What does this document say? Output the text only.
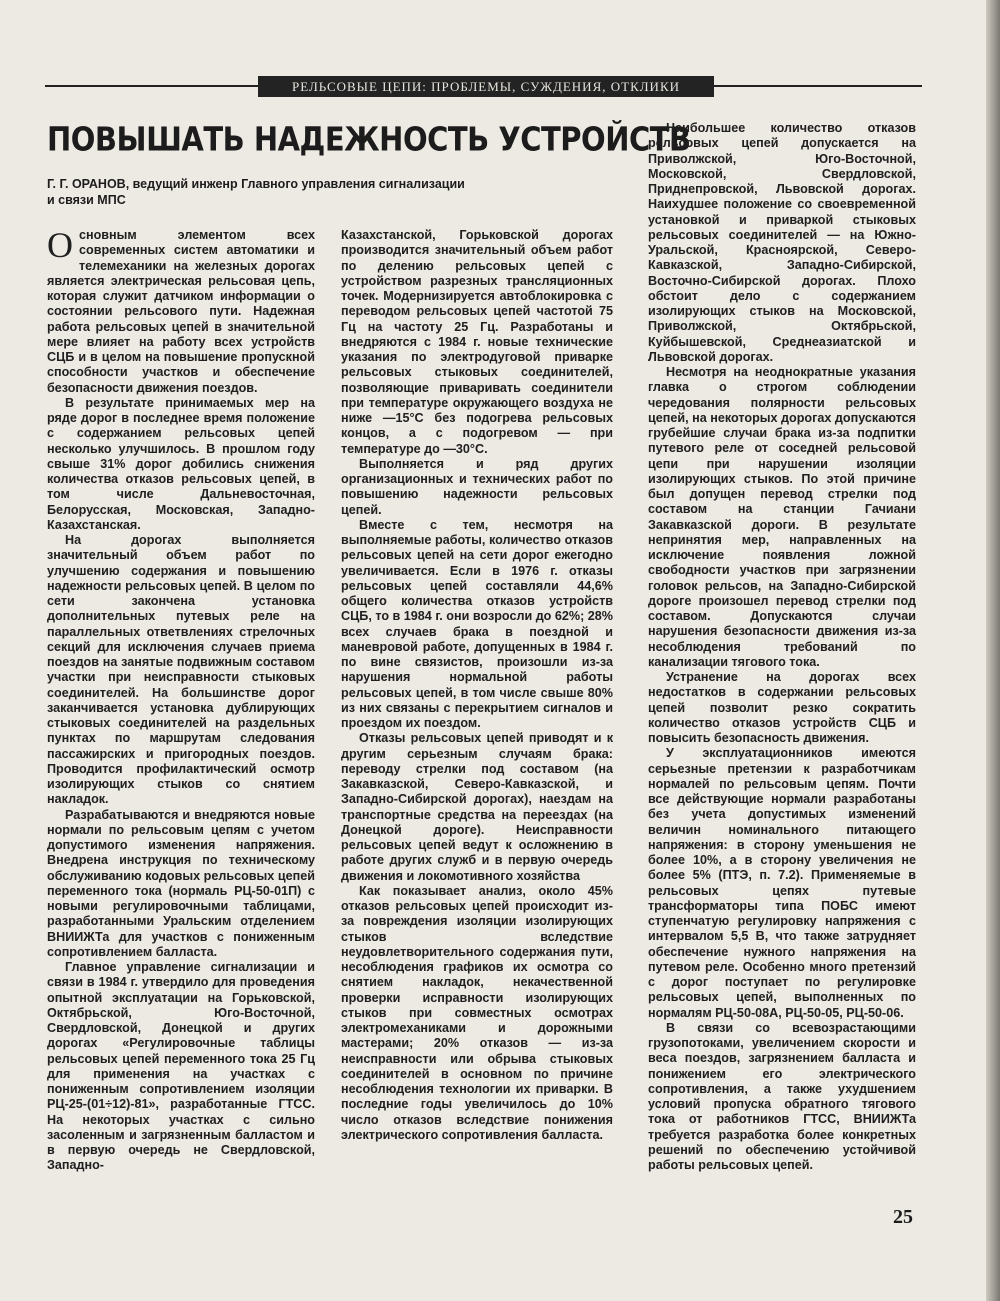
РЕЛЬСОВЫЕ ЦЕПИ: ПРОБЛЕМЫ, СУЖДЕНИЯ, ОТКЛИКИ
ПОВЫШАТЬ НАДЕЖНОСТЬ УСТРОЙСТВ
Г. Г. ОРАНОВ, ведущий инженр Главного управления сигнализации и связи МПС

Основным элементом всех современных систем автоматики и телемеханики на железных дорогах является электрическая рельсовая цепь, которая служит датчиком информации о состоянии рельсового пути. Надежная работа рельсовых цепей в значительной мере влияет на работу всех устройств СЦБ и в целом на повышение пропускной способности участков и обеспечение безопасности движения поездов.

В результате принимаемых мер на ряде дорог в последнее время положение с содержанием рельсовых цепей несколько улучшилось. В прошлом году свыше 31% дорог добились снижения количества отказов рельсовых цепей, в том числе Дальневосточная, Белорусская, Московская, Западно-Казахстанская.

На дорогах выполняется значительный объем работ по улучшению содержания и повышению надежности рельсовых цепей. В целом по сети закончена установка дополнительных путевых реле на параллельных ответвлениях стрелочных секций для исключения случаев приема поездов на занятые подвижным составом участки при неисправности стыковых соединителей. На большинстве дорог заканчивается установка дублирующих стыковых соединителей на раздельных пунктах по маршрутам следования пассажирских и пригородных поездов. Проводится профилактический осмотр изолирующих стыков со снятием накладок.

Разрабатываются и внедряются новые нормали по рельсовым цепям с учетом допустимого изменения напряжения. Внедрена инструкция по техническому обслуживанию кодовых рельсовых цепей переменного тока (нормаль РЦ-50-01П) с новыми регулировочными таблицами, разработанными Уральским отделением ВНИИЖТа для участков с пониженным сопротивлением балласта.

Главное управление сигнализации и связи в 1984 г. утвердило для проведения опытной эксплуатации на Горьковской, Октябрьской, Юго-Восточной, Свердловской, Донецкой и других дорогах «Регулировочные таблицы рельсовых цепей переменного тока 25 Гц для применения на участках с пониженным сопротивлением изоляции РЦ-25-(01÷12)-81», разработанные ГТСС. На некоторых участках с сильно засоленным и загрязненным балластом и в первую очередь не Свердловской, Западно-

Казахстанской, Горьковской дорогах производится значительный объем работ по делению рельсовых цепей с устройством разрезных трансляционных точек. Модернизируется автоблокировка с переводом рельсовых цепей частотой 75 Гц на частоту 25 Гц. Разработаны и внедряются с 1984 г. новые технические указания по электродуговой приварке рельсовых стыковых соединителей, позволяющие приваривать соединители при температуре окружающего воздуха не ниже —15°С без подогрева рельсовых концов, а с подогревом — при температуре до —30°С.

Выполняется и ряд других организационных и технических работ по повышению надежности рельсовых цепей.

Вместе с тем, несмотря на выполняемые работы, количество отказов рельсовых цепей на сети дорог ежегодно увеличивается. Если в 1976 г. отказы рельсовых цепей составляли 44,6% общего количества отказов устройств СЦБ, то в 1984 г. они возросли до 62%; 28% всех случаев брака в поездной и маневровой работе, допущенных в 1984 г. по вине связистов, произошли из-за нарушения нормальной работы рельсовых цепей, в том числе свыше 80% из них связаны с перекрытием сигналов и проездом их поездом.

Отказы рельсовых цепей приводят и к другим серьезным случаям брака: переводу стрелки под составом (на Закавказской, Северо-Кавказской, и Западно-Сибирской дорогах), наездам на транспортные средства на переездах (на Донецкой дороге). Неисправности рельсовых цепей ведут к осложнению в работе других служб и в первую очередь движения и локомотивного хозяйства

Как показывает анализ, около 45% отказов рельсовых цепей происходит из-за повреждения изоляции изолирующих стыков вследствие неудовлетворительного содержания пути, несоблюдения графиков их осмотра со снятием накладок, некачественной проверки исправности изолирующих стыков при совместных осмотрах электромеханиками и дорожными мастерами; 20% отказов — из-за неисправности или обрыва стыковых соединителей в основном по причине несоблюдения технологии их приварки. В последние годы увеличилось до 10% число отказов вследствие понижения электрического сопротивления балласта.

Наибольшее количество отказов рельсовых цепей допускается на Приволжской, Юго-Восточной, Московской, Свердловской, Приднепровской, Львовской дорогах. Наихудшее положение со своевременной установкой и приваркой стыковых рельсовых соединителей — на Южно-Уральской, Красноярской, Северо-Кавказской, Западно-Сибирской, Восточно-Сибирской дорогах. Плохо обстоит дело с содержанием изолирующих стыков на Московской, Приволжской, Октябрьской, Куйбышевской, Среднеазиатской и Львовской дорогах.

Несмотря на неоднократные указания главка о строгом соблюдении чередования полярности рельсовых цепей, на некоторых дорогах допускаются грубейшие случаи брака из-за подпитки путевого реле от соседней рельсовой цепи при нарушении изоляции изолирующих стыков. По этой причине был допущен перевод стрелки под составом на станции Гачиани Закавказской дороги. В результате непринятия мер, направленных на исключение появления ложной свободности участков при загрязнении головок рельсов, на Западно-Сибирской дороге произошел перевод стрелки под составом. Допускаются случаи нарушения безопасности движения из-за несоблюдения требований по канализации тягового тока.

Устранение на дорогах всех недостатков в содержании рельсовых цепей позволит резко сократить количество отказов устройств СЦБ и повысить безопасность движения.

У эксплуатационников имеются серьезные претензии к разработчикам нормалей по рельсовым цепям. Почти все действующие нормали разработаны без учета допустимых изменений величин номинального питающего напряжения: в сторону уменьшения не более 10%, а в сторону увеличения не более 5% (ПТЭ, п. 7.2). Применяемые в рельсовых цепях путевые трансформаторы типа ПОБС имеют ступенчатую регулировку напряжения с интервалом 5,5 В, что также затрудняет обеспечение нужного напряжения на путевом реле. Особенно много претензий с дорог поступает по регулировке рельсовых цепей, выполненных по нормалям РЦ-50-08А, РЦ-50-05, РЦ-50-06.

В связи со всевозрастающими грузопотоками, увеличением скорости и веса поездов, загрязнением балласта и понижением его электрического сопротивления, а также ухудшением условий пропуска обратного тягового тока от работников ГТСС, ВНИИЖТа требуется разработка более конкретных решений по обеспечению устойчивой работы рельсовых цепей.

25
